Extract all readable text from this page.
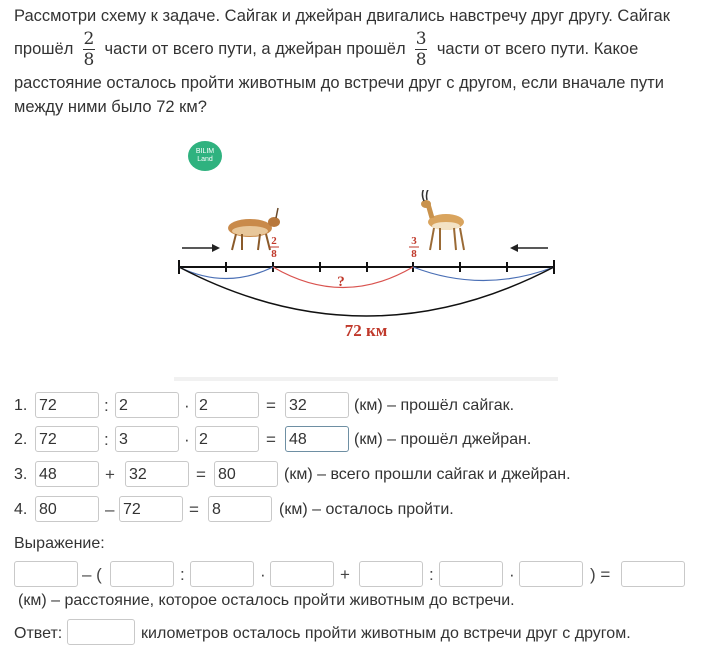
Рассмотри схему к задаче. Сайгак и джейран двигались навстречу друг другу. Сайгак

прошёл $\frac{2}{8}$ части от всего пути, а джейран прошёл $\frac{3}{8}$ части от всего пути. Какое

расстояние осталось пройти животным до встречи друг с другом, если вначале пути

между ними было 72 км?

BILIM
Land
2
8
3
8
?
72 км
1. 72	: 2	· 2	= 32	(км) – прошёл сайгак.
2. 72	: 3	· 2	= 48	(км) – прошёл джейран.
3. 48	+ 32	= 80	(км) – всего прошли сайгак и джейран.
4. 80	– 72	= 8	(км) – осталось пройти.
Выражение:
– (	:	·	+	:	·	) =
(км) – расстояние, которое осталось пройти животным до встречи.
Ответ:	километров осталось пройти животным до встречи друг с другом.
